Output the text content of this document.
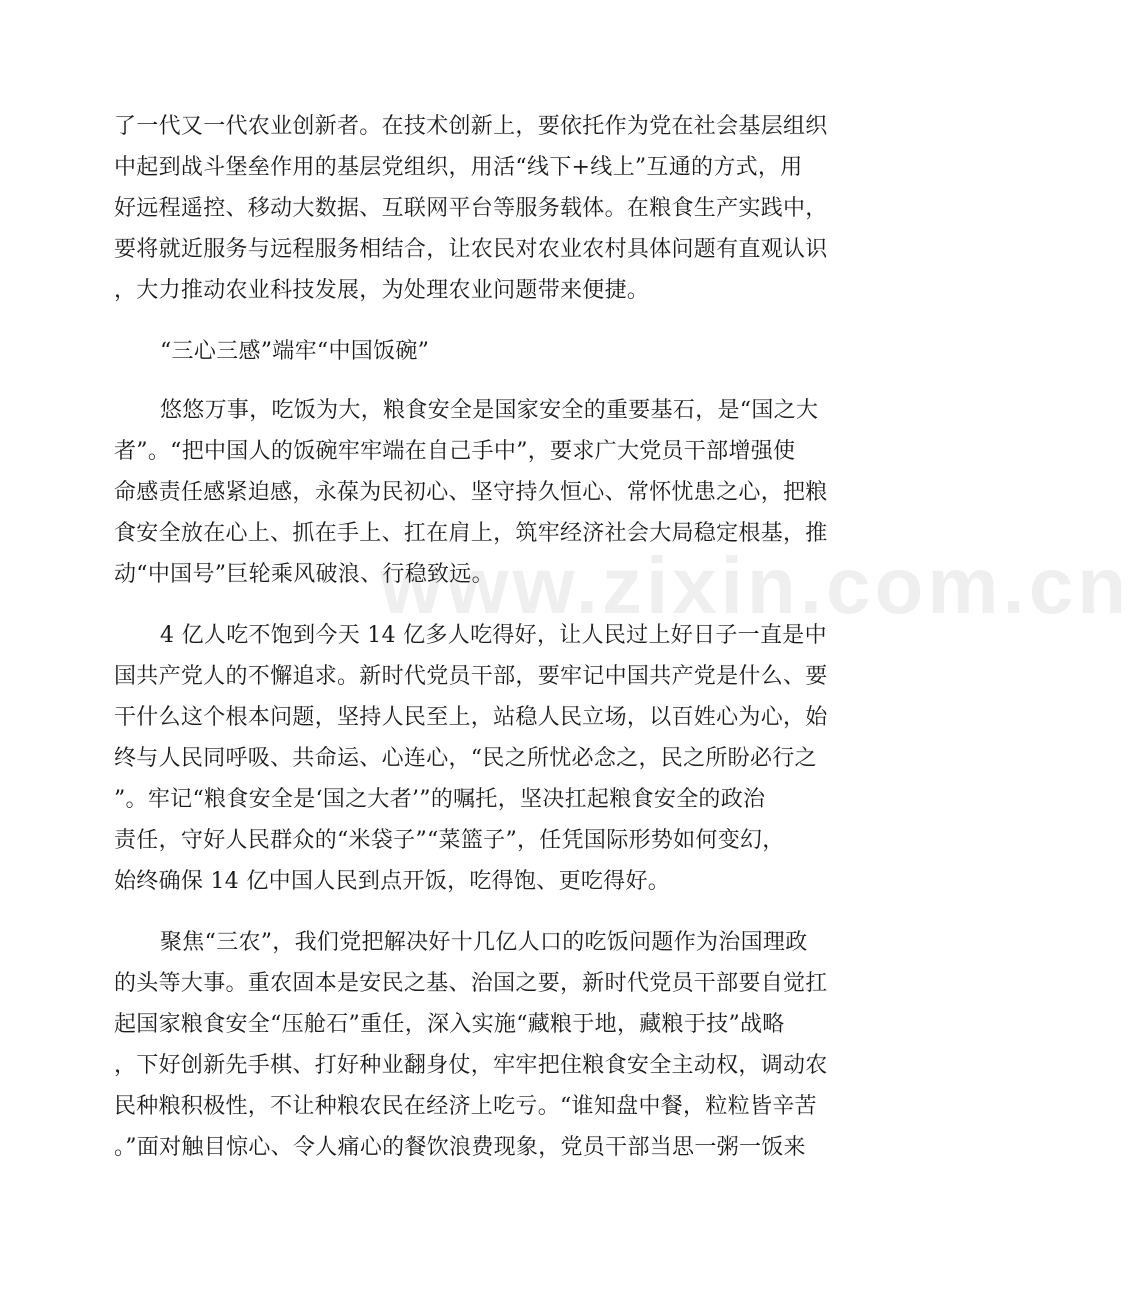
www.zixin.com.cn
了一代又一代农业创新者。在技术创新上，要依托作为党在社会基层组织
中起到战斗堡垒作用的基层党组织，用活“线下+线上”互通的方式，用
好远程遥控、移动大数据、互联网平台等服务载体。在粮食生产实践中，
要将就近服务与远程服务相结合，让农民对农业农村具体问题有直观认识
，大力推动农业科技发展，为处理农业问题带来便捷。
“三心三感”端牢“中国饭碗”
悠悠万事，吃饭为大，粮食安全是国家安全的重要基石，是“国之大
者”。“把中国人的饭碗牢牢端在自己手中”，要求广大党员干部增强使
命感责任感紧迫感，永葆为民初心、坚守持久恒心、常怀忧患之心，把粮
食安全放在心上、抓在手上、扛在肩上，筑牢经济社会大局稳定根基，推
动“中国号”巨轮乘风破浪、行稳致远。
4 亿人吃不饱到今天 14 亿多人吃得好，让人民过上好日子一直是中
国共产党人的不懈追求。新时代党员干部，要牢记中国共产党是什么、要
干什么这个根本问题，坚持人民至上，站稳人民立场，以百姓心为心，始
终与人民同呼吸、共命运、心连心，“民之所忧必念之，民之所盼必行之
”。牢记“粮食安全是‘国之大者’”的嘱托，坚决扛起粮食安全的政治
责任，守好人民群众的“米袋子”“菜篮子”，任凭国际形势如何变幻，
始终确保 14 亿中国人民到点开饭，吃得饱、更吃得好。
聚焦“三农”，我们党把解决好十几亿人口的吃饭问题作为治国理政
的头等大事。重农固本是安民之基、治国之要，新时代党员干部要自觉扛
起国家粮食安全“压舱石”重任，深入实施“藏粮于地，藏粮于技”战略
，下好创新先手棋、打好种业翻身仗，牢牢把住粮食安全主动权，调动农
民种粮积极性，不让种粮农民在经济上吃亏。“谁知盘中餐，粒粒皆辛苦
。”面对触目惊心、令人痛心的餐饮浪费现象，党员干部当思一粥一饭来
